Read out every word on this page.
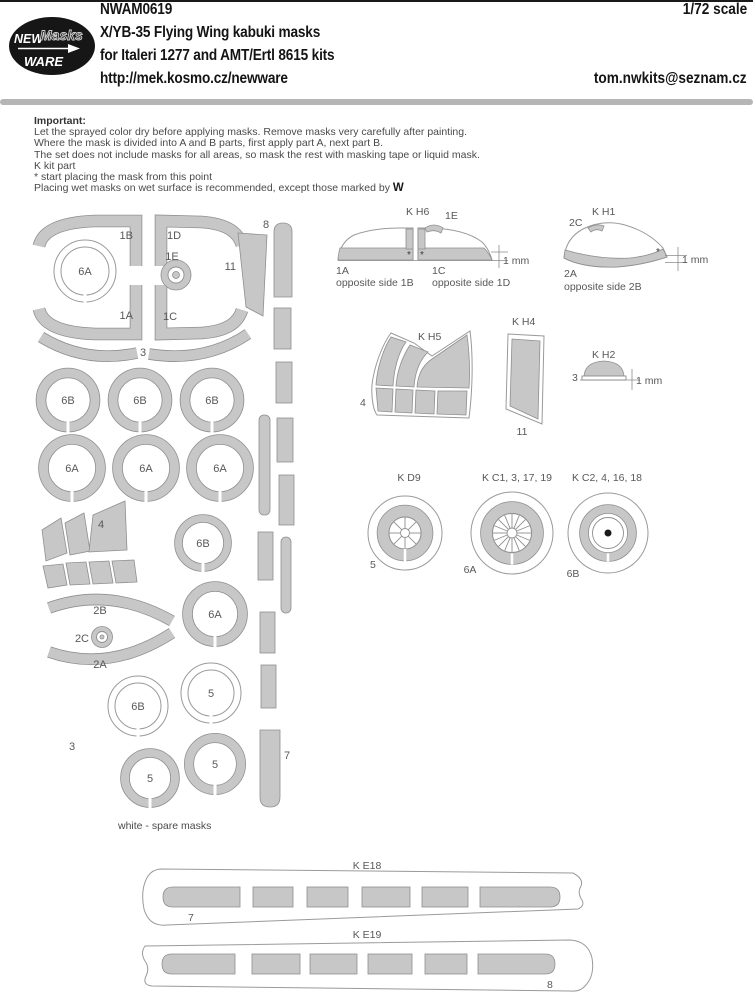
NEW
Masks
WARE
NWAM0619
X/YB-35 Flying Wing kabuki masks
for Italeri 1277 and AMT/Ertl 8615 kits
http://mek.kosmo.cz/newware
1/72 scale
tom.nwkits@seznam.cz
Important:
Let the sprayed color dry before applying masks. Remove masks very carefully after painting.
Where the mask is divided into A and B parts, first apply part A, next part B.
The set does not include masks for all areas, so mask the rest with masking tape or liquid mask.
K kit part
* start placing the mask from this point
Placing wet masks on wet surface is recommended, except those marked by W
1B	1D
1E
6A	11
8
1A	1C
3
6B	6B	6B
6A	6A	6A
4
6B
2B
2C
2A
6A
6B
5
3
5
5
7
white - spare masks
K H6 1E
* *	1 mm
1A
opposite side 1B
1C
opposite side 1D
K H1
2C
*
1 mm
2A
opposite side 2B
K H5
4
K H4
11
K H2
3	1 mm
K D9
5
K C1, 3, 17, 19
6A
K C2, 4, 16, 18
6B
K E18
7
K E19
8
